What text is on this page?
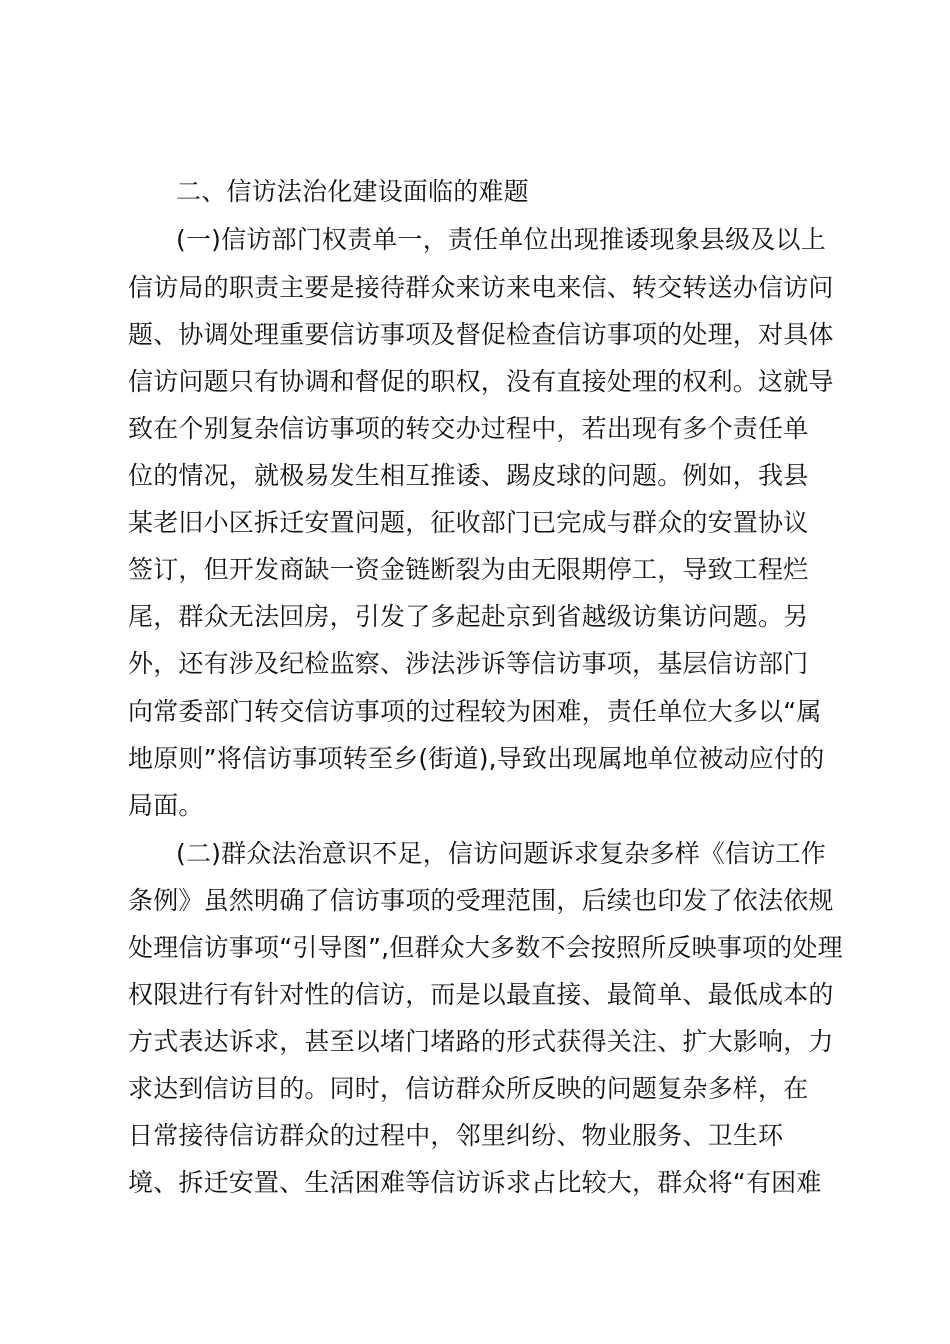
二、信访法治化建设面临的难题
(一)信访部门权责单一，责任单位出现推诿现象县级及以上
信访局的职责主要是接待群众来访来电来信、转交转送办信访问
题、协调处理重要信访事项及督促检查信访事项的处理，对具体
信访问题只有协调和督促的职权，没有直接处理的权利。这就导
致在个别复杂信访事项的转交办过程中，若出现有多个责任单
位的情况，就极易发生相互推诿、踢皮球的问题。例如，我县
某老旧小区拆迁安置问题，征收部门已完成与群众的安置协议
签订，但开发商缺一资金链断裂为由无限期停工，导致工程烂
尾，群众无法回房，引发了多起赴京到省越级访集访问题。另
外，还有涉及纪检监察、涉法涉诉等信访事项，基层信访部门
向常委部门转交信访事项的过程较为困难，责任单位大多以“属
地原则”将信访事项转至乡(街道),导致出现属地单位被动应付的
局面。
(二)群众法治意识不足，信访问题诉求复杂多样《信访工作
条例》虽然明确了信访事项的受理范围，后续也印发了依法依规
处理信访事项“引导图”,但群众大多数不会按照所反映事项的处理
权限进行有针对性的信访，而是以最直接、最简单、最低成本的
方式表达诉求，甚至以堵门堵路的形式获得关注、扩大影响，力
求达到信访目的。同时，信访群众所反映的问题复杂多样，在
日常接待信访群众的过程中，邻里纠纷、物业服务、卫生环
境、拆迁安置、生活困难等信访诉求占比较大，群众将“有困难
